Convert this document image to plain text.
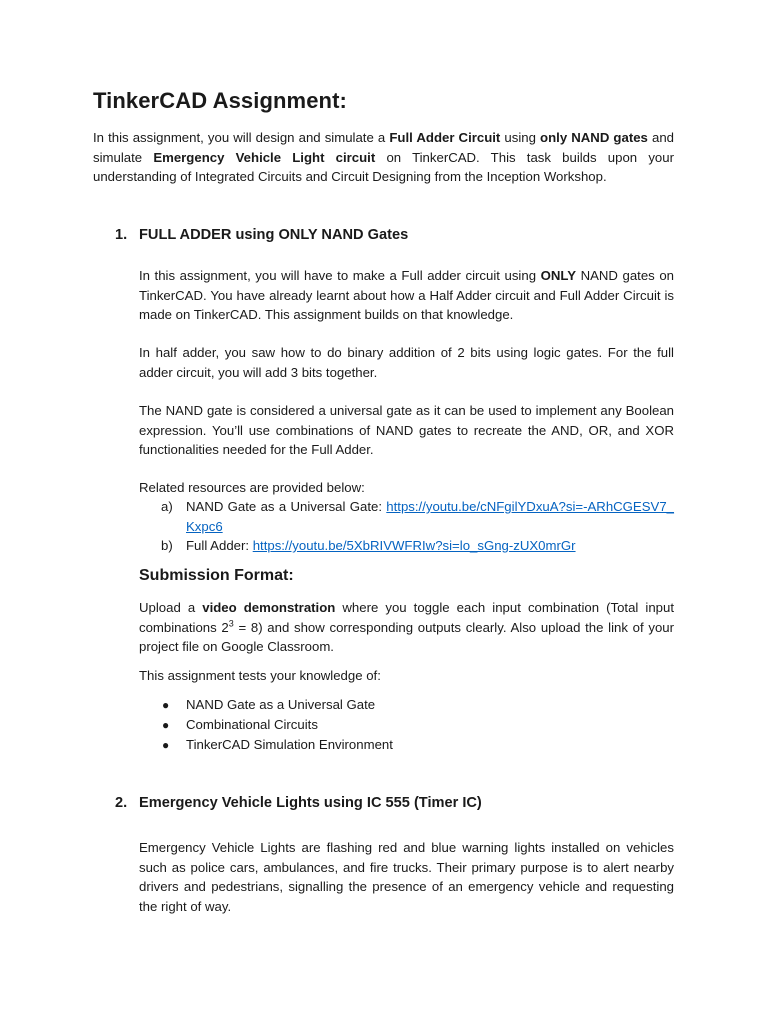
TinkerCAD Assignment:

In this assignment, you will design and simulate a Full Adder Circuit using only NAND gates and simulate Emergency Vehicle Light circuit on TinkerCAD. This task builds upon your understanding of Integrated Circuits and Circuit Designing from the Inception Workshop.

1. FULL ADDER using ONLY NAND Gates

In this assignment, you will have to make a Full adder circuit using ONLY NAND gates on TinkerCAD. You have already learnt about how a Half Adder circuit and Full Adder Circuit is made on TinkerCAD. This assignment builds on that knowledge.

In half adder, you saw how to do binary addition of 2 bits using logic gates. For the full adder circuit, you will add 3 bits together.

The NAND gate is considered a universal gate as it can be used to implement any Boolean expression. You’ll use combinations of NAND gates to recreate the AND, OR, and XOR functionalities needed for the Full Adder.

Related resources are provided below:

a)	NAND Gate as a Universal Gate: https://youtu.be/cNFgilYDxuA?si=-ARhCGESV7_Kxpc6
b)	Full Adder: https://youtu.be/5XbRIVWFRIw?si=lo_sGng-zUX0mrGr
Submission Format:

Upload a video demonstration where you toggle each input combination (Total input combinations $2^3 = 8$) and show corresponding outputs clearly. Also upload the link of your project file on Google Classroom.

This assignment tests your knowledge of:

●	NAND Gate as a Universal Gate
●	Combinational Circuits
●	TinkerCAD Simulation Environment
2. Emergency Vehicle Lights using IC 555 (Timer IC)

Emergency Vehicle Lights are flashing red and blue warning lights installed on vehicles such as police cars, ambulances, and fire trucks. Their primary purpose is to alert nearby drivers and pedestrians, signalling the presence of an emergency vehicle and requesting the right of way.
